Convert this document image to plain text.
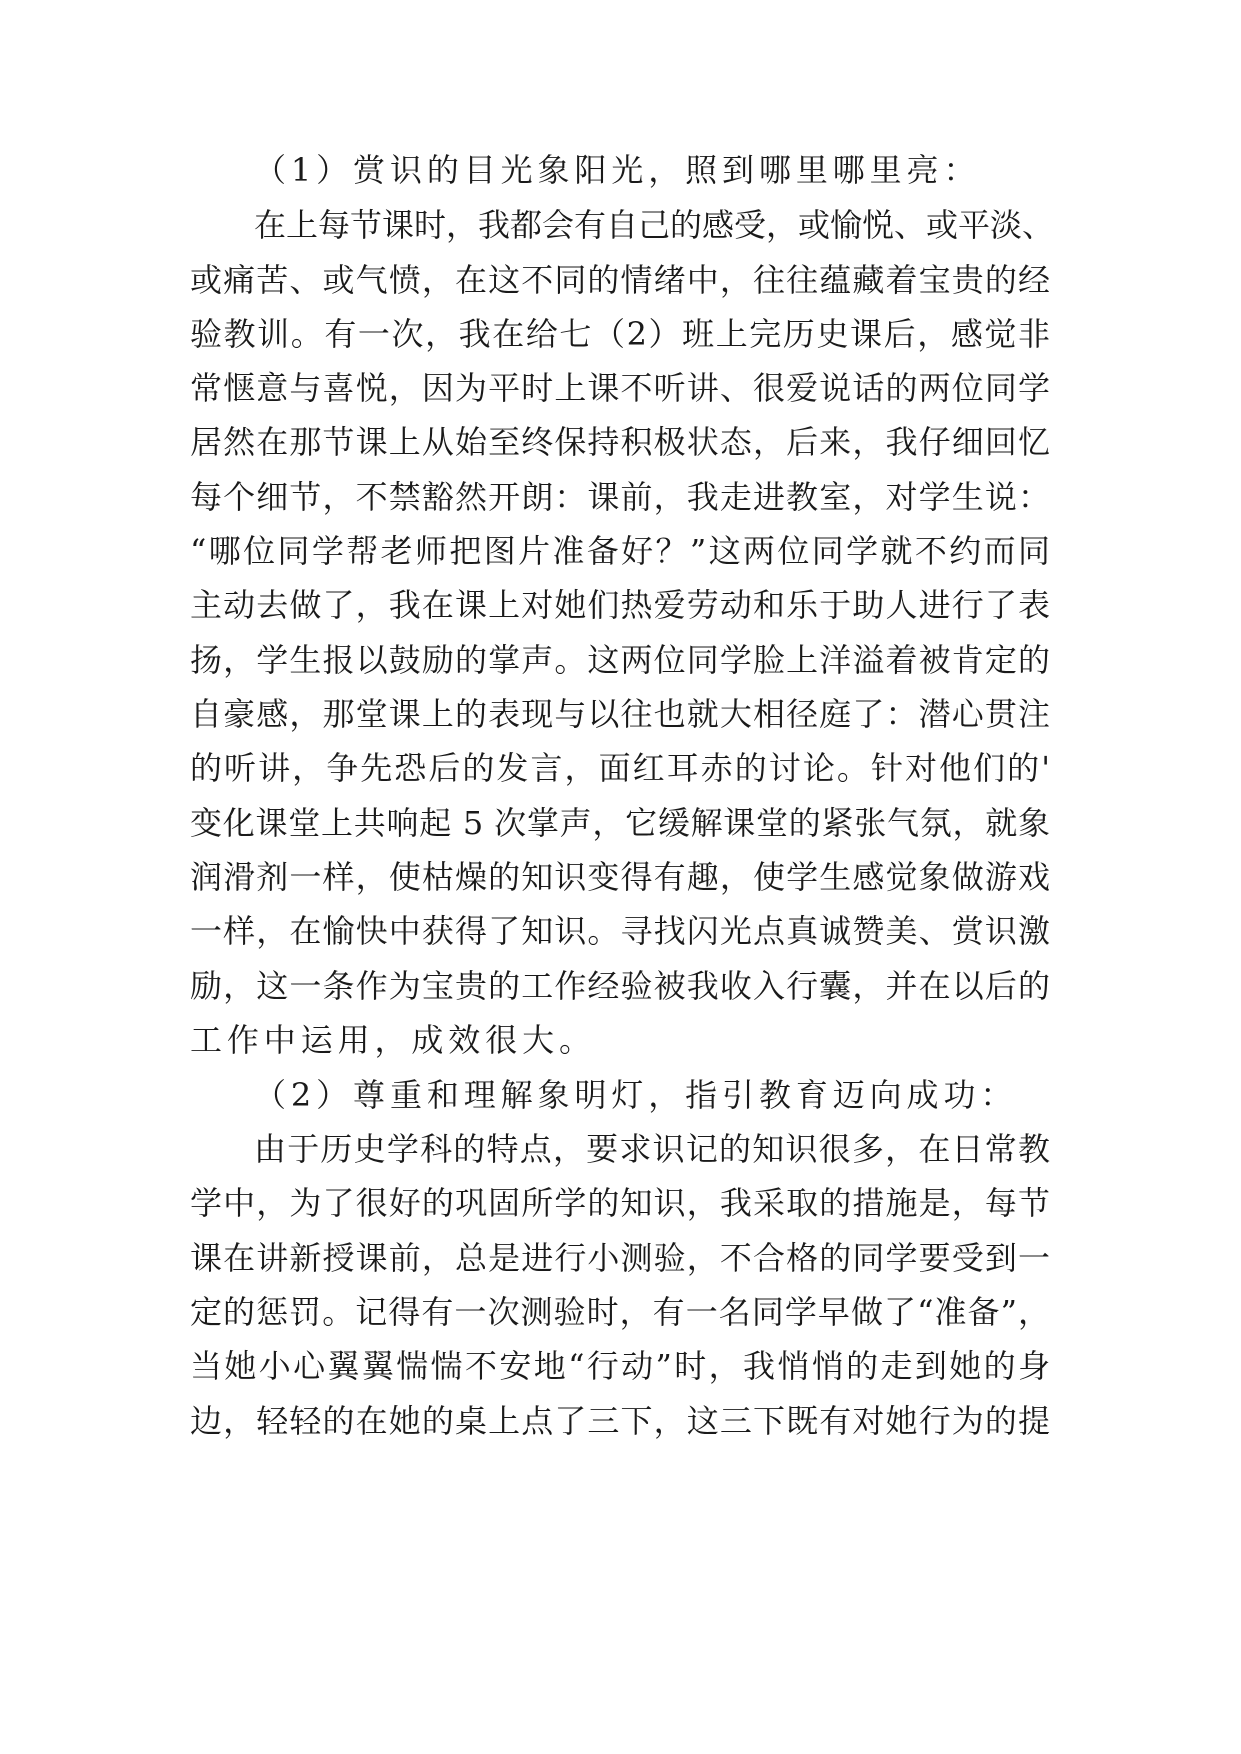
（1）赏识的目光象阳光，照到哪里哪里亮：
在上每节课时，我都会有自己的感受，或愉悦、或平淡、
或痛苦、或气愤，在这不同的情绪中，往往蕴藏着宝贵的经
验教训。有一次，我在给七（2）班上完历史课后，感觉非
常惬意与喜悦，因为平时上课不听讲、很爱说话的两位同学
居然在那节课上从始至终保持积极状态，后来，我仔细回忆
每个细节，不禁豁然开朗：课前，我走进教室，对学生说：
“哪位同学帮老师把图片准备好？”这两位同学就不约而同
主动去做了，我在课上对她们热爱劳动和乐于助人进行了表
扬，学生报以鼓励的掌声。这两位同学脸上洋溢着被肯定的
自豪感，那堂课上的表现与以往也就大相径庭了：潜心贯注
的听讲，争先恐后的发言，面红耳赤的讨论。针对他们的'
变化课堂上共响起 5 次掌声，它缓解课堂的紧张气氛，就象
润滑剂一样，使枯燥的知识变得有趣，使学生感觉象做游戏
一样，在愉快中获得了知识。寻找闪光点真诚赞美、赏识激
励，这一条作为宝贵的工作经验被我收入行囊，并在以后的
工作中运用，成效很大。
（2）尊重和理解象明灯，指引教育迈向成功：
由于历史学科的特点，要求识记的知识很多，在日常教
学中，为了很好的巩固所学的知识，我采取的措施是，每节
课在讲新授课前，总是进行小测验，不合格的同学要受到一
定的惩罚。记得有一次测验时，有一名同学早做了“准备”，
当她小心翼翼惴惴不安地“行动”时，我悄悄的走到她的身
边，轻轻的在她的桌上点了三下，这三下既有对她行为的提
